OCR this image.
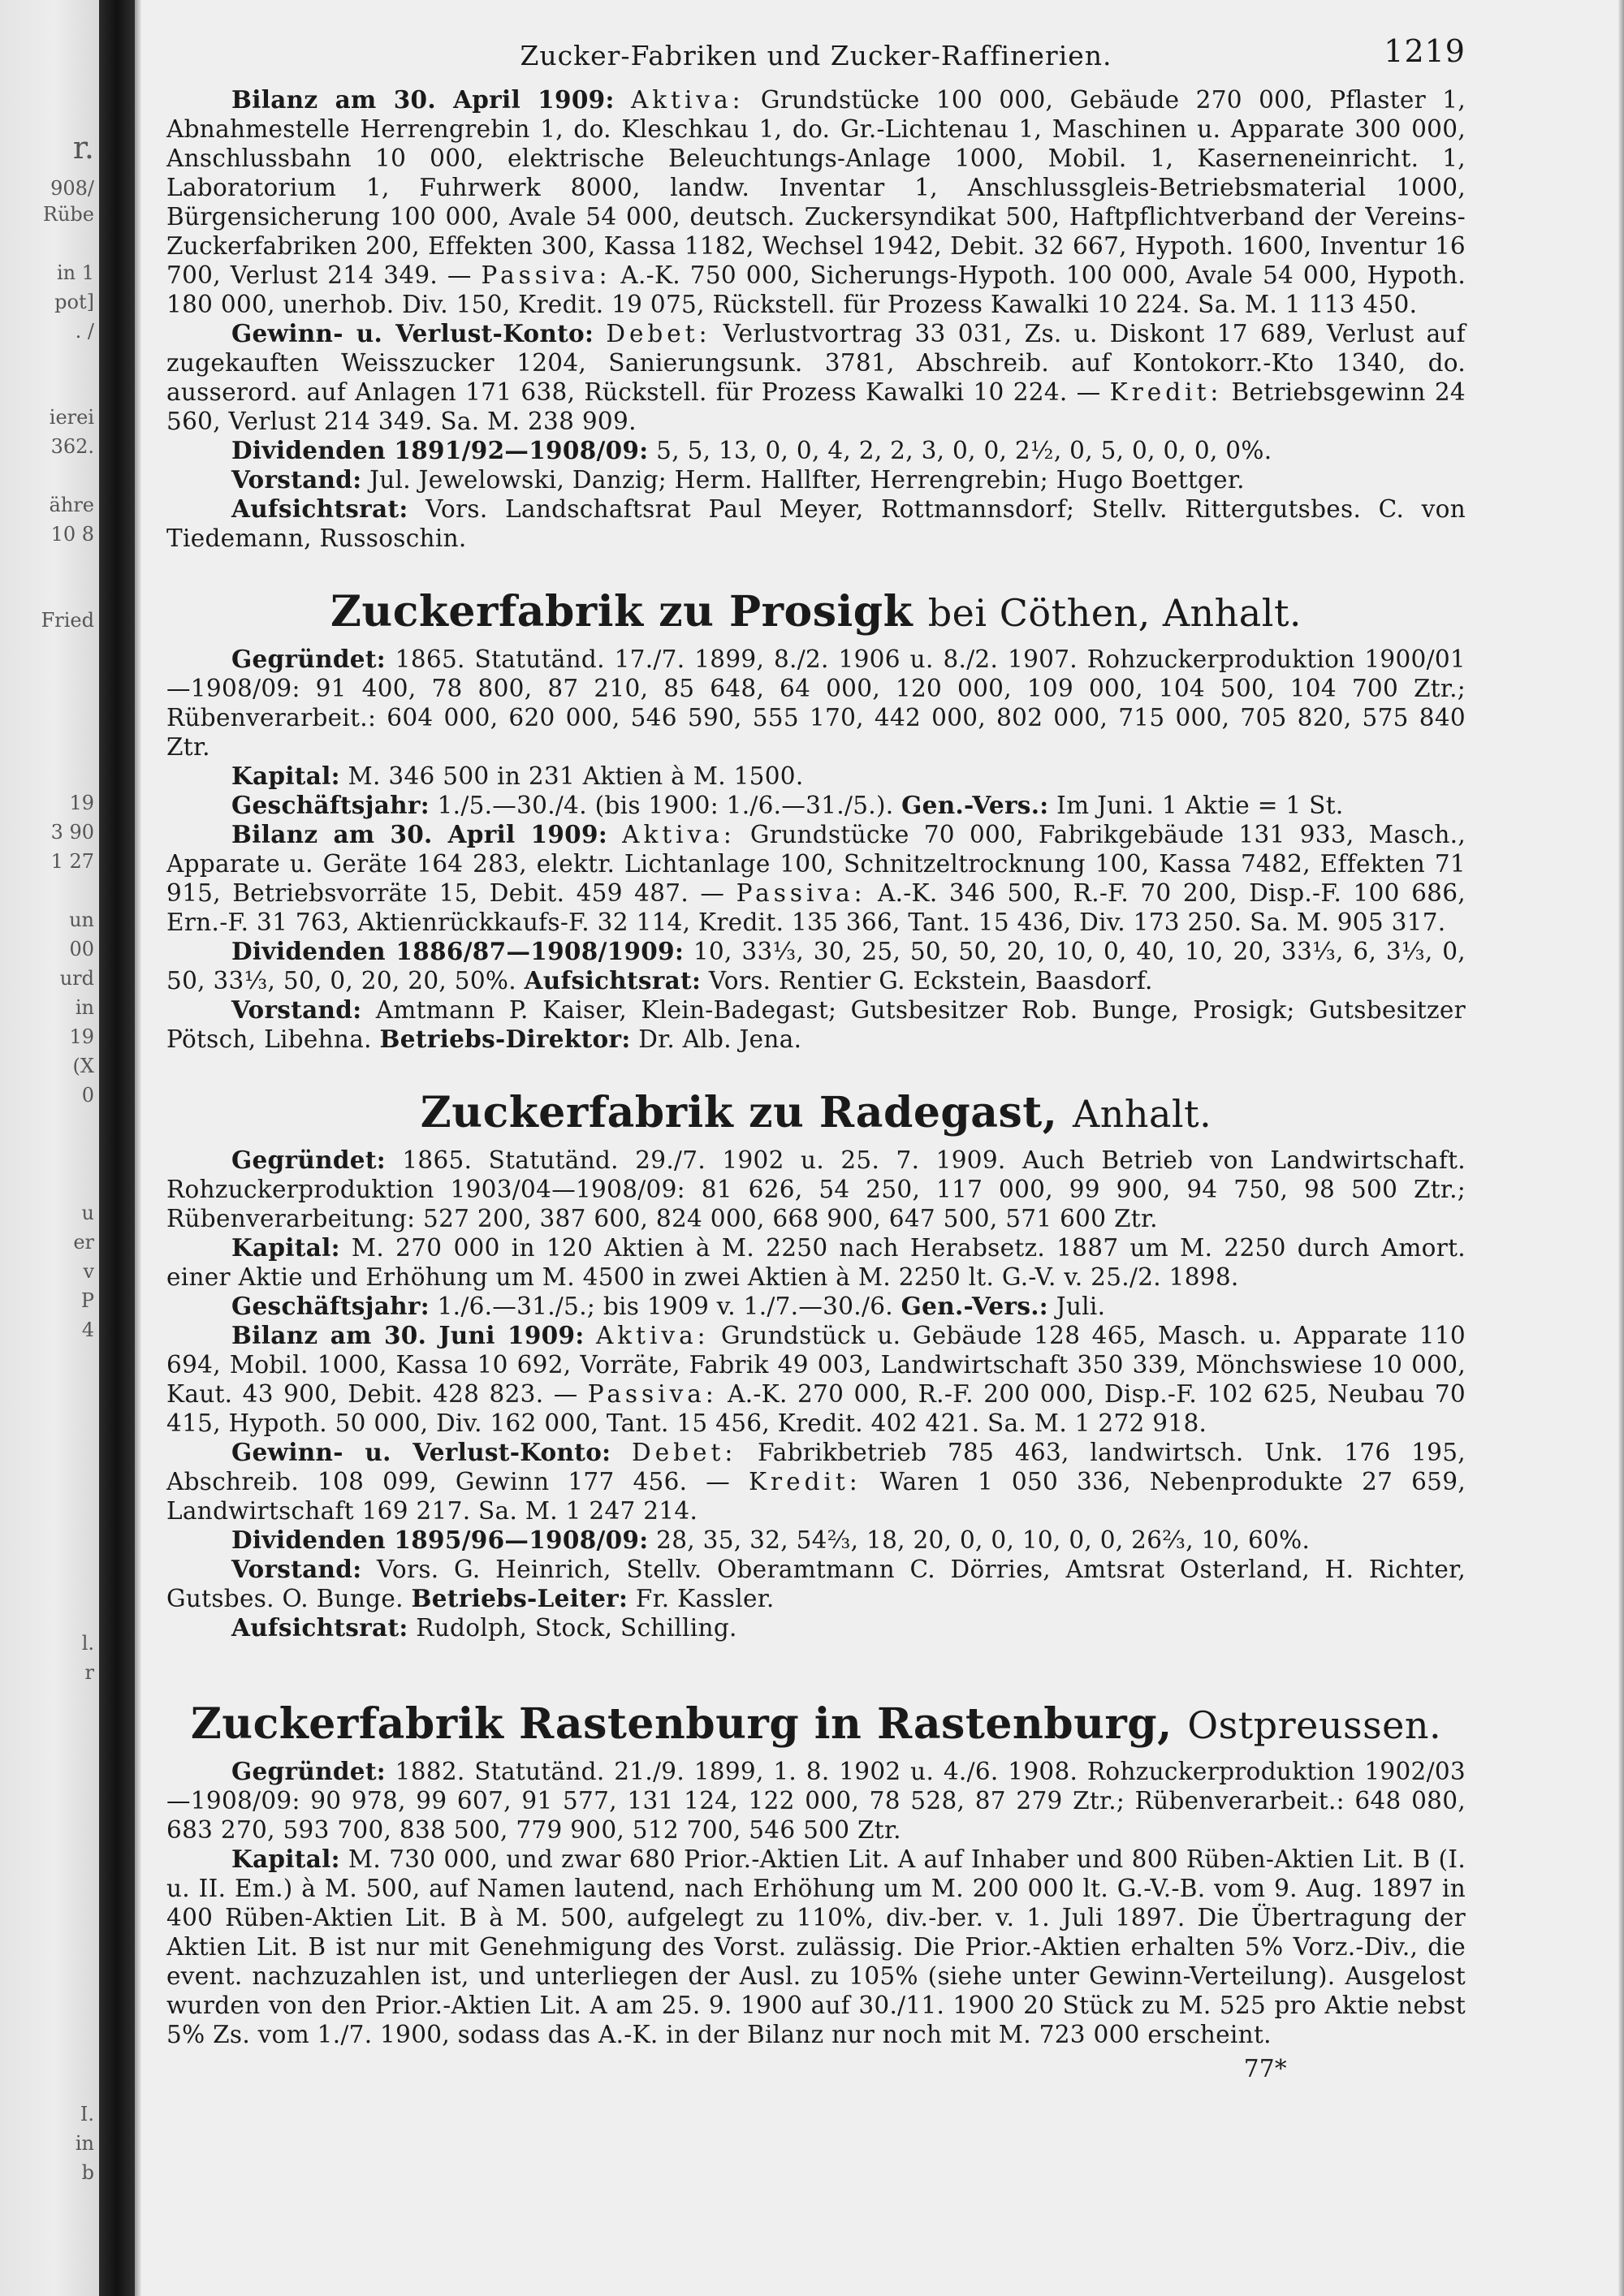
r.
908/
Rübe
in 1
pot]
. /
ierei
362.
ähre
10 8
Fried
19
3 90
1 27
un
00
urd
in
19
(X
0
u
er
v
P
4
l.
r
I.
in
b
Zucker-Fabriken und Zucker-Raffinerien.	1219

Bilanz am 30. April 1909: Aktiva: Grundstücke 100 000, Gebäude 270 000, Pflaster 1, Abnahmestelle Herrengrebin 1, do. Kleschkau 1, do. Gr.-Lichtenau 1, Maschinen u. Apparate 300 000, Anschlussbahn 10 000, elektrische Beleuchtungs-Anlage 1000, Mobil. 1, Kaserneneinricht. 1, Laboratorium 1, Fuhrwerk 8000, landw. Inventar 1, Anschlussgleis-Betriebsmaterial 1000, Bürgensicherung 100 000, Avale 54 000, deutsch. Zuckersyndikat 500, Haftpflichtverband der Vereins-Zuckerfabriken 200, Effekten 300, Kassa 1182, Wechsel 1942, Debit. 32 667, Hypoth. 1600, Inventur 16 700, Verlust 214 349. — Passiva: A.-K. 750 000, Sicherungs-Hypoth. 100 000, Avale 54 000, Hypoth. 180 000, unerhob. Div. 150, Kredit. 19 075, Rückstell. für Prozess Kawalki 10 224. Sa. M. 1 113 450.

Gewinn- u. Verlust-Konto: Debet: Verlustvortrag 33 031, Zs. u. Diskont 17 689, Verlust auf zugekauften Weisszucker 1204, Sanierungsunk. 3781, Abschreib. auf Kontokorr.-Kto 1340, do. ausserord. auf Anlagen 171 638, Rückstell. für Prozess Kawalki 10 224. — Kredit: Betriebsgewinn 24 560, Verlust 214 349. Sa. M. 238 909.

Dividenden 1891/92—1908/09: 5, 5, 13, 0, 0, 4, 2, 2, 3, 0, 0, 2½, 0, 5, 0, 0, 0, 0%.

Vorstand: Jul. Jewelowski, Danzig; Herm. Hallfter, Herrengrebin; Hugo Boettger.

Aufsichtsrat: Vors. Landschaftsrat Paul Meyer, Rottmannsdorf; Stellv. Rittergutsbes. C. von Tiedemann, Russoschin.

Zuckerfabrik zu Prosigk bei Cöthen, Anhalt.

Gegründet: 1865. Statutänd. 17./7. 1899, 8./2. 1906 u. 8./2. 1907. Rohzuckerproduktion 1900/01—1908/09: 91 400, 78 800, 87 210, 85 648, 64 000, 120 000, 109 000, 104 500, 104 700 Ztr.; Rübenverarbeit.: 604 000, 620 000, 546 590, 555 170, 442 000, 802 000, 715 000, 705 820, 575 840 Ztr.

Kapital: M. 346 500 in 231 Aktien à M. 1500.

Geschäftsjahr: 1./5.—30./4. (bis 1900: 1./6.—31./5.). Gen.-Vers.: Im Juni. 1 Aktie = 1 St.

Bilanz am 30. April 1909: Aktiva: Grundstücke 70 000, Fabrikgebäude 131 933, Masch., Apparate u. Geräte 164 283, elektr. Lichtanlage 100, Schnitzeltrocknung 100, Kassa 7482, Effekten 71 915, Betriebsvorräte 15, Debit. 459 487. — Passiva: A.-K. 346 500, R.-F. 70 200, Disp.-F. 100 686, Ern.-F. 31 763, Aktienrückkaufs-F. 32 114, Kredit. 135 366, Tant. 15 436, Div. 173 250. Sa. M. 905 317.

Dividenden 1886/87—1908/1909: 10, 33⅓, 30, 25, 50, 50, 20, 10, 0, 40, 10, 20, 33⅓, 6, 3⅓, 0, 50, 33⅓, 50, 0, 20, 20, 50%. Aufsichtsrat: Vors. Rentier G. Eckstein, Baasdorf.

Vorstand: Amtmann P. Kaiser, Klein-Badegast; Gutsbesitzer Rob. Bunge, Prosigk; Gutsbesitzer Pötsch, Libehna. Betriebs-Direktor: Dr. Alb. Jena.

Zuckerfabrik zu Radegast, Anhalt.

Gegründet: 1865. Statutänd. 29./7. 1902 u. 25. 7. 1909. Auch Betrieb von Landwirtschaft. Rohzuckerproduktion 1903/04—1908/09: 81 626, 54 250, 117 000, 99 900, 94 750, 98 500 Ztr.; Rübenverarbeitung: 527 200, 387 600, 824 000, 668 900, 647 500, 571 600 Ztr.

Kapital: M. 270 000 in 120 Aktien à M. 2250 nach Herabsetz. 1887 um M. 2250 durch Amort. einer Aktie und Erhöhung um M. 4500 in zwei Aktien à M. 2250 lt. G.-V. v. 25./2. 1898.

Geschäftsjahr: 1./6.—31./5.; bis 1909 v. 1./7.—30./6. Gen.-Vers.: Juli.

Bilanz am 30. Juni 1909: Aktiva: Grundstück u. Gebäude 128 465, Masch. u. Apparate 110 694, Mobil. 1000, Kassa 10 692, Vorräte, Fabrik 49 003, Landwirtschaft 350 339, Mönchswiese 10 000, Kaut. 43 900, Debit. 428 823. — Passiva: A.-K. 270 000, R.-F. 200 000, Disp.-F. 102 625, Neubau 70 415, Hypoth. 50 000, Div. 162 000, Tant. 15 456, Kredit. 402 421. Sa. M. 1 272 918.

Gewinn- u. Verlust-Konto: Debet: Fabrikbetrieb 785 463, landwirtsch. Unk. 176 195, Abschreib. 108 099, Gewinn 177 456. — Kredit: Waren 1 050 336, Nebenprodukte 27 659, Landwirtschaft 169 217. Sa. M. 1 247 214.

Dividenden 1895/96—1908/09: 28, 35, 32, 54⅔, 18, 20, 0, 0, 10, 0, 0, 26⅔, 10, 60%.

Vorstand: Vors. G. Heinrich, Stellv. Oberamtmann C. Dörries, Amtsrat Osterland, H. Richter, Gutsbes. O. Bunge. Betriebs-Leiter: Fr. Kassler.

Aufsichtsrat: Rudolph, Stock, Schilling.

Zuckerfabrik Rastenburg in Rastenburg, Ostpreussen.

Gegründet: 1882. Statutänd. 21./9. 1899, 1. 8. 1902 u. 4./6. 1908. Rohzuckerproduktion 1902/03—1908/09: 90 978, 99 607, 91 577, 131 124, 122 000, 78 528, 87 279 Ztr.; Rübenverarbeit.: 648 080, 683 270, 593 700, 838 500, 779 900, 512 700, 546 500 Ztr.

Kapital: M. 730 000, und zwar 680 Prior.-Aktien Lit. A auf Inhaber und 800 Rüben-Aktien Lit. B (I. u. II. Em.) à M. 500, auf Namen lautend, nach Erhöhung um M. 200 000 lt. G.-V.-B. vom 9. Aug. 1897 in 400 Rüben-Aktien Lit. B à M. 500, aufgelegt zu 110%, div.-ber. v. 1. Juli 1897. Die Übertragung der Aktien Lit. B ist nur mit Genehmigung des Vorst. zulässig. Die Prior.-Aktien erhalten 5% Vorz.-Div., die event. nachzuzahlen ist, und unterliegen der Ausl. zu 105% (siehe unter Gewinn-Verteilung). Ausgelost wurden von den Prior.-Aktien Lit. A am 25. 9. 1900 auf 30./11. 1900 20 Stück zu M. 525 pro Aktie nebst 5% Zs. vom 1./7. 1900, sodass das A.-K. in der Bilanz nur noch mit M. 723 000 erscheint.

77*
